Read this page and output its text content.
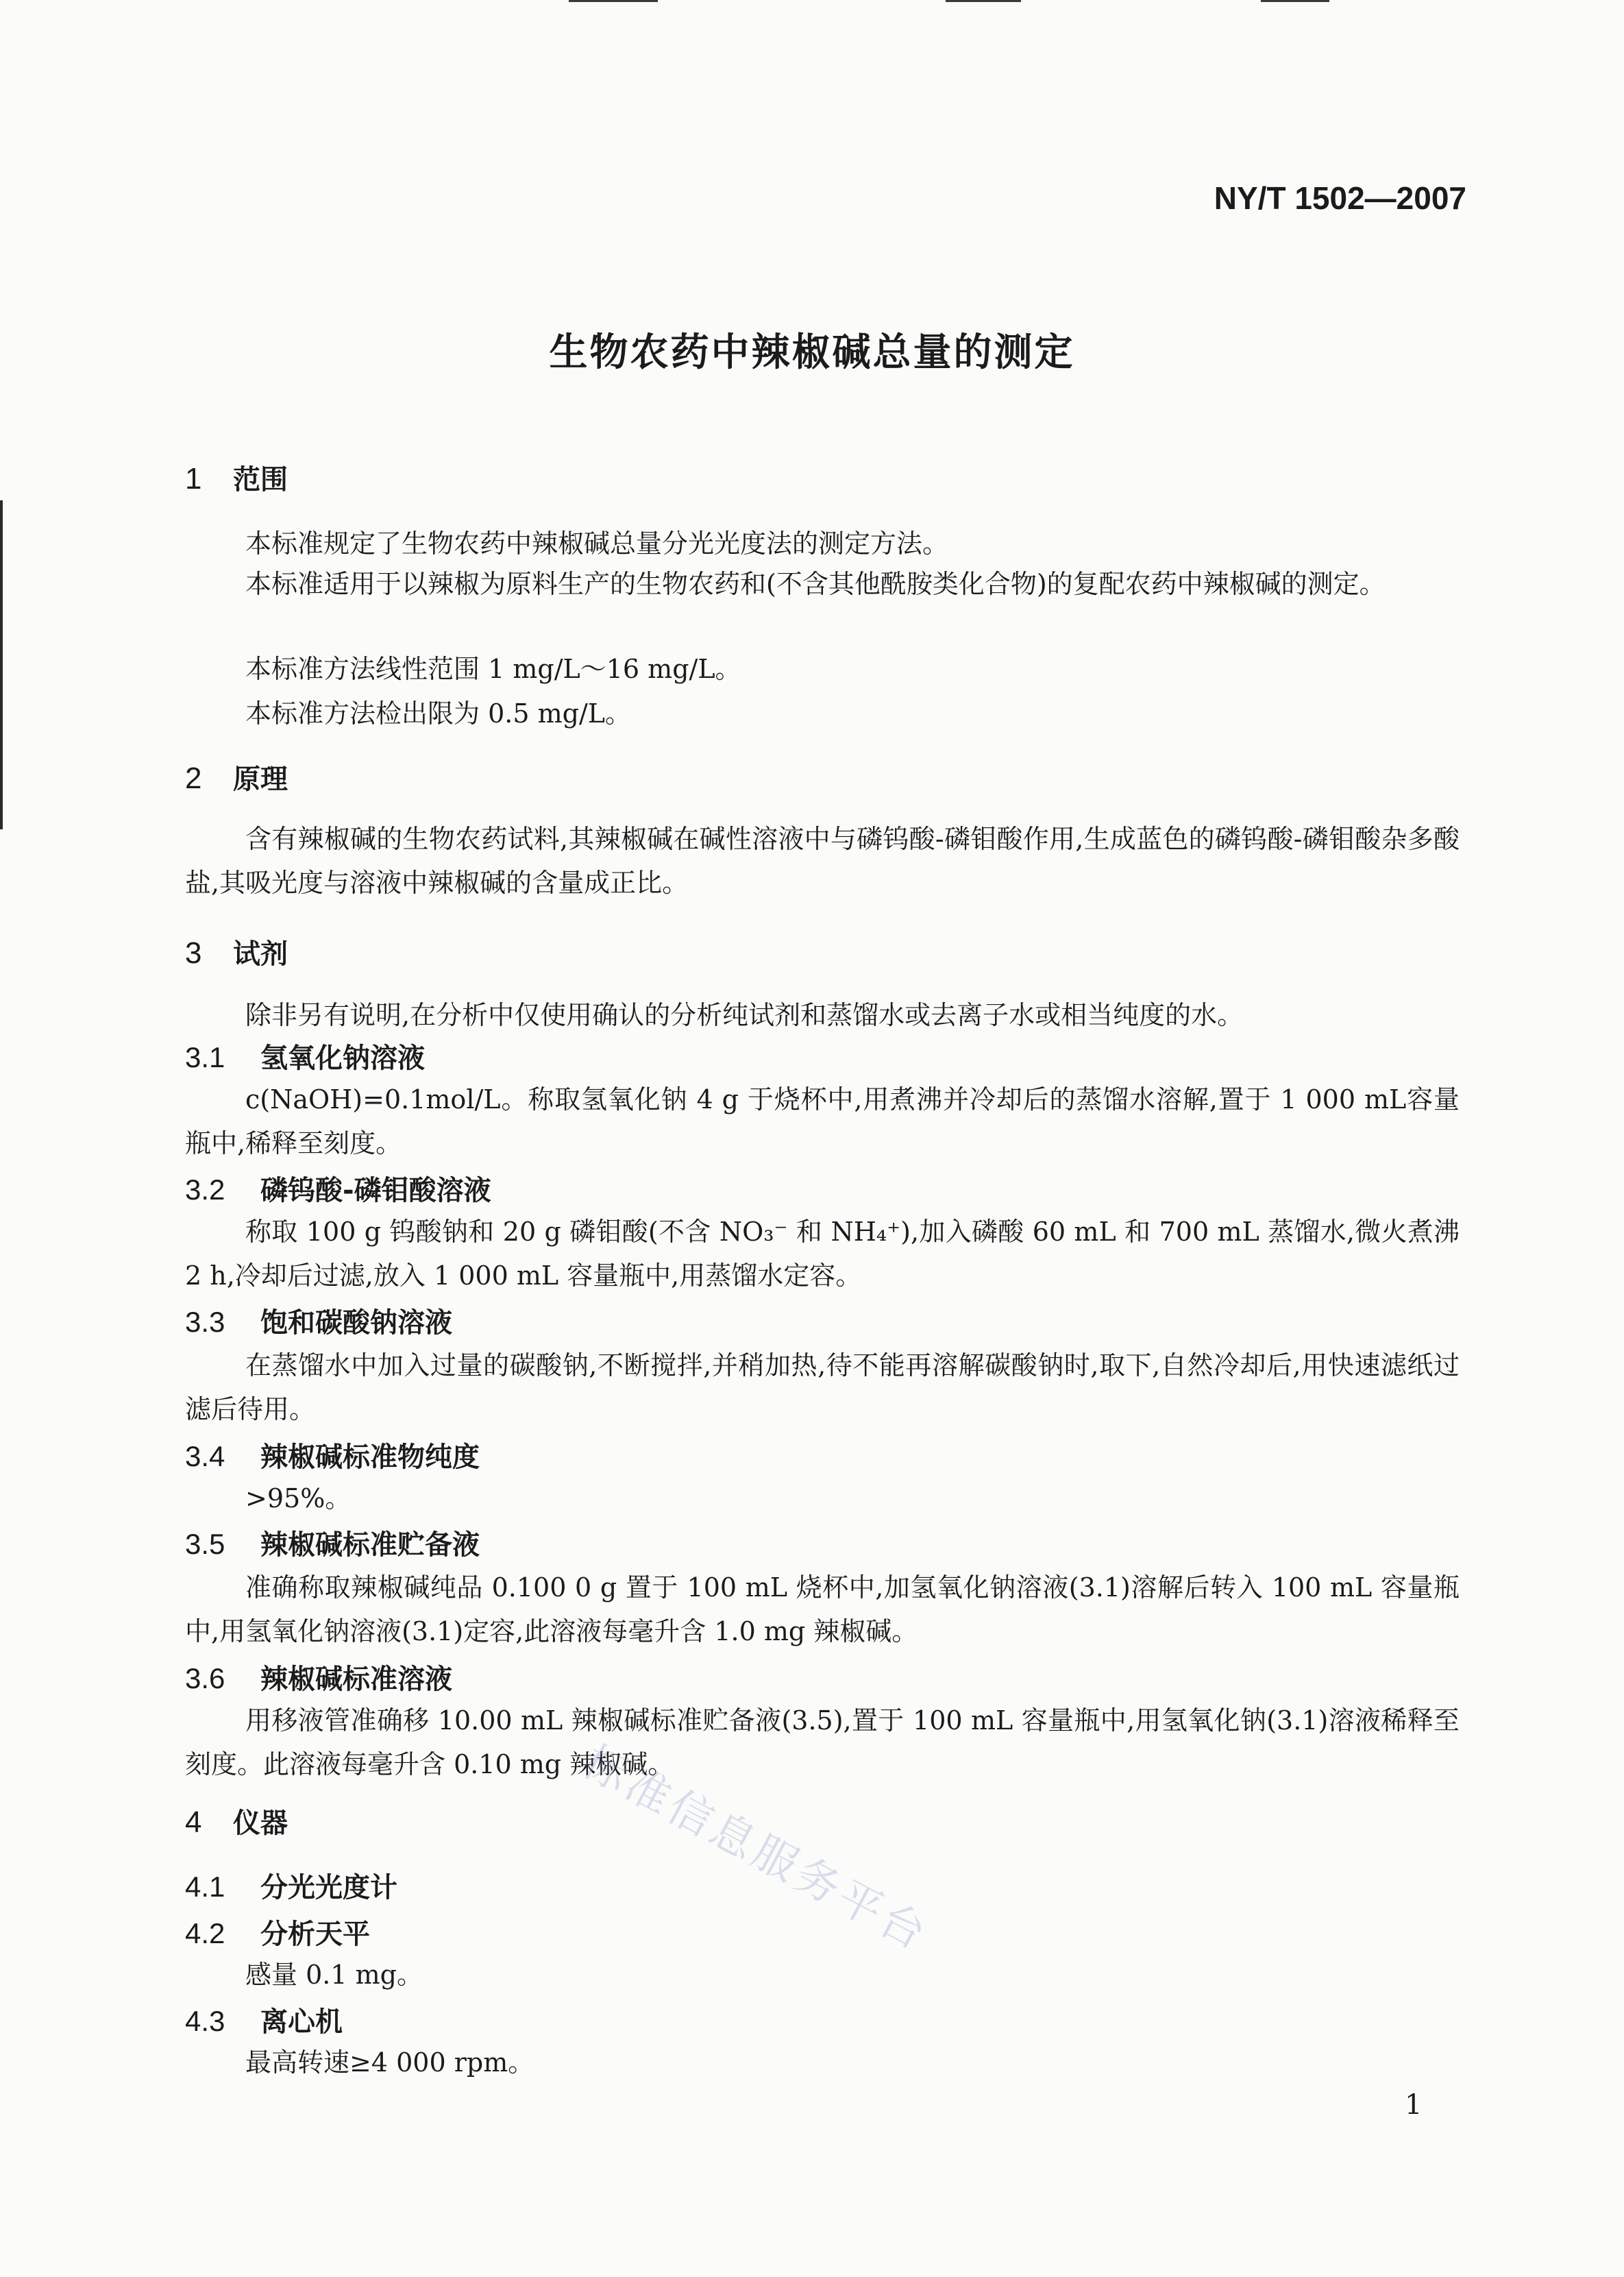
NY/T 1502—2007
生物农药中辣椒碱总量的测定
1 范围
本标准规定了生物农药中辣椒碱总量分光光度法的测定方法。
本标准适用于以辣椒为原料生产的生物农药和(不含其他酰胺类化合物)的复配农药中辣椒碱的测定。
本标准方法线性范围 1 mg/L～16 mg/L。
本标准方法检出限为 0.5 mg/L。
2 原理
含有辣椒碱的生物农药试料,其辣椒碱在碱性溶液中与磷钨酸-磷钼酸作用,生成蓝色的磷钨酸-磷钼酸杂多酸盐,其吸光度与溶液中辣椒碱的含量成正比。
3 试剂
除非另有说明,在分析中仅使用确认的分析纯试剂和蒸馏水或去离子水或相当纯度的水。
3.1 氢氧化钠溶液
c(NaOH)=0.1mol/L。称取氢氧化钠 4 g 于烧杯中,用煮沸并冷却后的蒸馏水溶解,置于 1 000 mL容量瓶中,稀释至刻度。
3.2 磷钨酸-磷钼酸溶液
称取 100 g 钨酸钠和 20 g 磷钼酸(不含 NO₃⁻ 和 NH₄⁺),加入磷酸 60 mL 和 700 mL 蒸馏水,微火煮沸 2 h,冷却后过滤,放入 1 000 mL 容量瓶中,用蒸馏水定容。
3.3 饱和碳酸钠溶液
在蒸馏水中加入过量的碳酸钠,不断搅拌,并稍加热,待不能再溶解碳酸钠时,取下,自然冷却后,用快速滤纸过滤后待用。
3.4 辣椒碱标准物纯度
>95%。
3.5 辣椒碱标准贮备液
准确称取辣椒碱纯品 0.100 0 g 置于 100 mL 烧杯中,加氢氧化钠溶液(3.1)溶解后转入 100 mL 容量瓶中,用氢氧化钠溶液(3.1)定容,此溶液每毫升含 1.0 mg 辣椒碱。
3.6 辣椒碱标准溶液
用移液管准确移 10.00 mL 辣椒碱标准贮备液(3.5),置于 100 mL 容量瓶中,用氢氧化钠(3.1)溶液稀释至刻度。此溶液每毫升含 0.10 mg 辣椒碱。
4 仪器
4.1 分光光度计
4.2 分析天平
感量 0.1 mg。
4.3 离心机
最高转速≥4 000 rpm。
标准信息服务平台
1
